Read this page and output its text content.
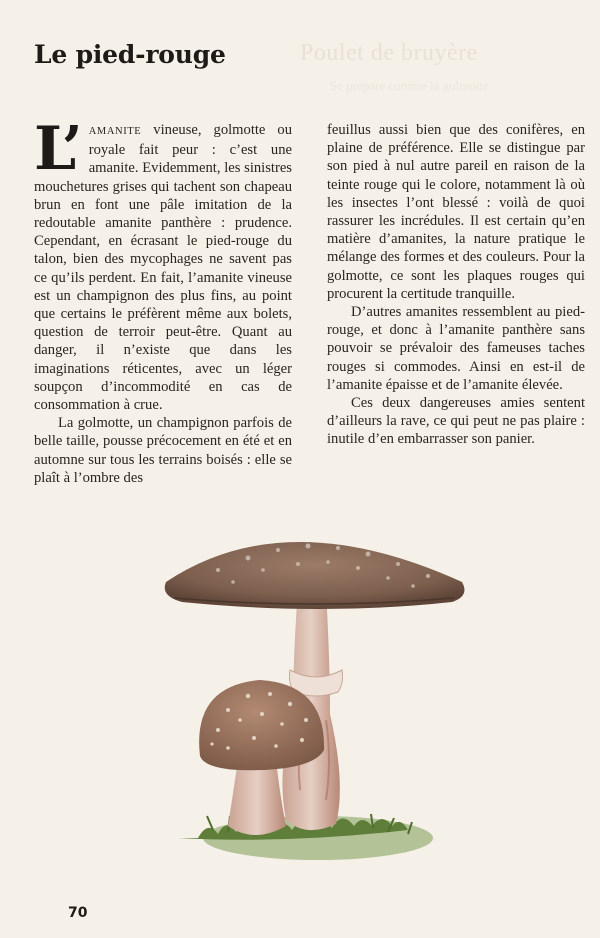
Poulet de bruyère
Se prépare comme la golmotte
Le pied-rouge

L’ AMANITE vineuse, golmotte ou royale fait peur : c’est une amanite. Evidemment, les sinistres mouchetures grises qui tachent son chapeau brun en font une pâle imitation de la redoutable amanite panthère : prudence. Cependant, en écrasant le pied-rouge du talon, bien des mycophages ne savent pas ce qu’ils perdent. En fait, l’amanite vineuse est un champignon des plus fins, au point que certains le préfèrent même aux bolets, question de terroir peut-être. Quant au danger, il n’existe que dans les imaginations réticentes, avec un léger soupçon d’incommodité en cas de consommation à crue.

La golmotte, un champignon parfois de belle taille, pousse précocement en été et en automne sur tous les terrains boisés : elle se plaît à l’ombre des

feuillus aussi bien que des conifères, en plaine de préférence. Elle se distingue par son pied à nul autre pareil en raison de la teinte rouge qui le colore, notamment là où les insectes l’ont blessé : voilà de quoi rassurer les incrédules. Il est certain qu’en matière d’amanites, la nature pratique le mélange des formes et des couleurs. Pour la golmotte, ce sont les plaques rouges qui procurent la certitude tranquille.

D’autres amanites ressemblent au pied-rouge, et donc à l’amanite panthère sans pouvoir se prévaloir des fameuses taches rouges si commodes. Ainsi en est-il de l’amanite épaisse et de l’amanite élevée.

Ces deux dangereuses amies sentent d’ailleurs la rave, ce qui peut ne pas plaire : inutile d’en embarrasser son panier.

70
